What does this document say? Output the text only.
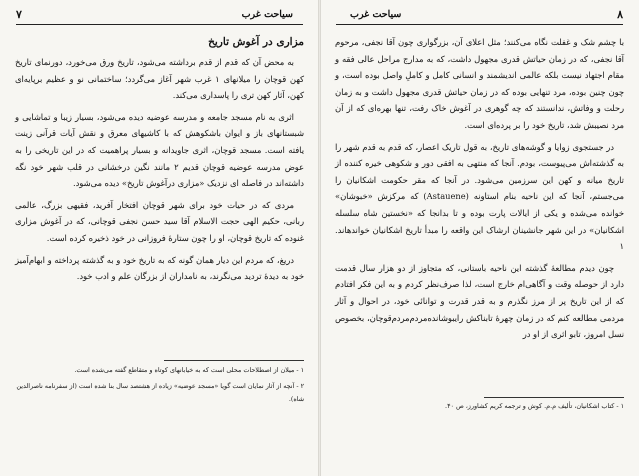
۷	سیاحت غرب
مزاری در آغوش تاریخ

به محض آن که قدم از قدم برداشته می‌شود، تاریخ ورق می‌خورد، دورنمای تاریخ کهن قوچان را میلانهای ۱ غرب شهر آغاز می‌گردد؛ ساختمانی نو و عظیم برپایه‌ای کهن، آثار کهن تری را پاسداری می‌کند.

اثری به نام مسجد جامعه و مدرسه عوضیه دیده می‌شود، بسیار زیبا و تماشایی و شبستانهای باز و ایوان باشکوهش که با کاشیهای معرق و نقش آیات قرآنی زینت یافته است. مسجد قوچان، اثری جاویدانه و بسیار پراهمیت که در این تاریخی را به عوض مدرسه عوضیه قوچان قدیم ۲ مانند نگین درخشانی در قلب شهر خود نگه داشته‌اند در فاصله ای نزدیک «مزاری درآغوش تاریخ» دیده می‌شود.

مردی که در حیات خود برای شهر قوچان افتخار آفرید، فقیهی بزرگ، عالمی ربانی، حکیم الهی حجت الاسلام آقا سید حسن نجفی قوچانی، که در آغوش مزاری غنوده که تاریخ قوچان، او را چون ستارهٔ فروزانی در خود ذخیره کرده است.

دریغ، که مردم این دیار همان گونه که به تاریخ خود و به گذشته پرداخته و ابهام‌آمیز خود به دیدهٔ تردید می‌نگرند، به نامداران از بزرگان علم و ادب خود.

۱ - میلان از اصطلاحات محلی است که به خیابانهای کوتاه و متقاطع گفته می‌شده است.
۲ - آنچه از آثار نمایان است گویا «مسجد عوضیه» زیاده از هشتصد سال بنا شده است (از سفرنامه ناصرالدین شاه).
۸
سیاحت غرب

با چشم شک و غفلت نگاه می‌کنند؛ مثل اعلای آن، بزرگواری چون آقا نجفی، مرحوم آقا نجفی، که در زمان حیاتش قدری مجهول داشت، که به مدارج مراحل عالی فقه و مقام اجتهاد نیست بلکه عالمی اندیشمند و انسانی کامل و کاملِ واصل بوده است، و چون چنین بوده، مرد تنهایی بوده که در زمان حیاتش قدری مجهول داشت و به زمان رحلت و وفاتش، ندانستند که چه گوهری در آغوش خاک رفت، تنها بهره‌ای که از آن مرد نصیبش شد، تاریخ خود را بر پرده‌ای است.

در جستجوی زوایا و گوشه‌های تاریخ، به قول تاریک اعصار، که قدم به قدم شهر را به گذشته‌اش می‌پیوست، بودم. آنجا که منتهی به افقی دور و شکوهی خیره کننده از تاریخ میانه و کهن این سرزمین می‌شود. در آنجا که مقر حکومت اشکانیان را می‌جستم، آنجا که این ناحیه بنام استاونه (Astauene) که مرکزش «خبوشان» خوانده می‌شده و یکی از ایالات پارت بوده و تا بدانجا که «نخستین شاه سلسله اشکانیان» در این شهر جانشینان ارشاک این واقعه را مبدأ تاریخ اشکانیان خواندهاند. ۱

چون دیدم مطالعهٔ گذشته این ناحیه باستانی، که متجاوز از دو هزار سال قدمت دارد از حوصله وقت و آگاهی‌ام خارج است، لذا صرف‌نظر کردم و به این فکر افتادم که از این تاریخ پر از مرز نگذرم و به قدر قدرت و توانائی خود، در احوال و آثار مردمی مطالعه کنم که در زمان چهرهٔ تابناکش رایبوشانده‌مردم‌مردم‌قوچان، بخصوص نسل امروز، تا‌بو اثری از او در

۱ - کتاب اشکانیان، تألیف م.م. کوش و ترجمه کریم کشاورز، ص ۴۰.
